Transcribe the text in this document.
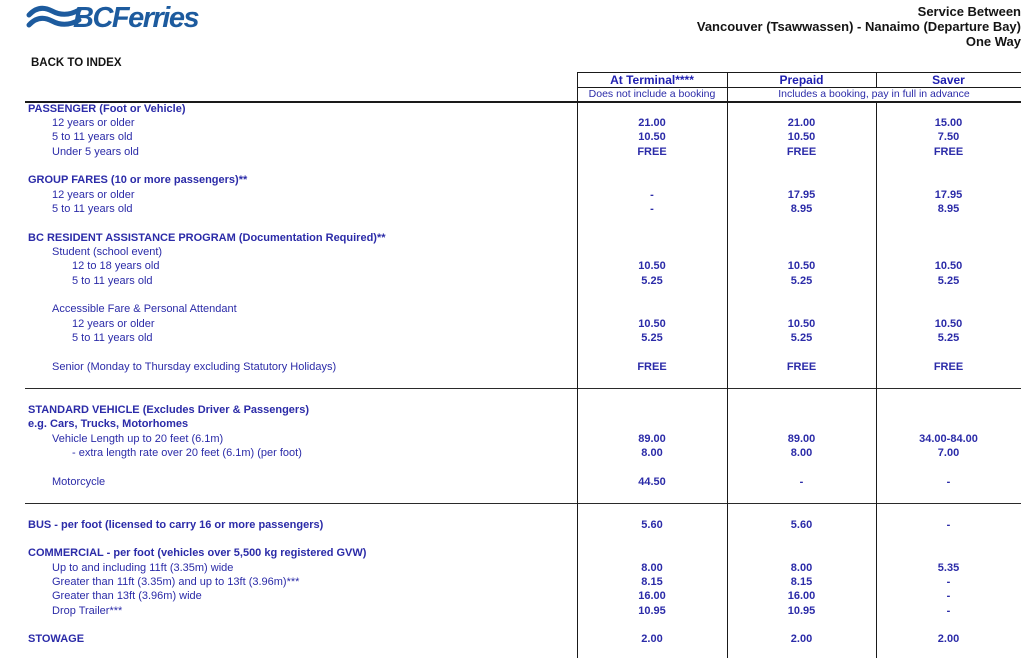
BCFerries	Service Between
Vancouver (Tsawwassen) - Nanaimo (Departure Bay)
One Way
BACK TO INDEX
	At Terminal****	Prepaid	Saver
	Does not include a booking	Includes a booking, pay in full in advance	
PASSENGER (Foot or Vehicle)			
12 years or older	21.00	21.00	15.00
5 to 11 years old	10.50	10.50	7.50
Under 5 years old	FREE	FREE	FREE

GROUP FARES (10 or more passengers)**			
12 years or older	-	17.95	17.95
5 to 11 years old	-	8.95	8.95

BC RESIDENT ASSISTANCE PROGRAM (Documentation Required)**			
Student (school event)			
12 to 18 years old	10.50	10.50	10.50
5 to 11 years old	5.25	5.25	5.25

Accessible Fare & Personal Attendant			
12 years or older	10.50	10.50	10.50
5 to 11 years old	5.25	5.25	5.25

Senior (Monday to Thursday excluding Statutory Holidays)	FREE	FREE	FREE

STANDARD VEHICLE (Excludes Driver & Passengers)			
e.g. Cars, Trucks, Motorhomes			
Vehicle Length up to 20 feet (6.1m)	89.00	89.00	34.00-84.00
- extra length rate over 20 feet (6.1m) (per foot)	8.00	8.00	7.00

Motorcycle	44.50	-	-

BUS - per foot (licensed to carry 16 or more passengers)	5.60	5.60	-

COMMERCIAL - per foot (vehicles over 5,500 kg registered GVW)			
Up to and including 11ft (3.35m) wide	8.00	8.00	5.35
Greater than 11ft (3.35m) and up to 13ft (3.96m)***	8.15	8.15	-
Greater than 13ft (3.96m) wide	16.00	16.00	-
Drop Trailer***	10.95	10.95	-

STOWAGE	2.00	2.00	2.00
